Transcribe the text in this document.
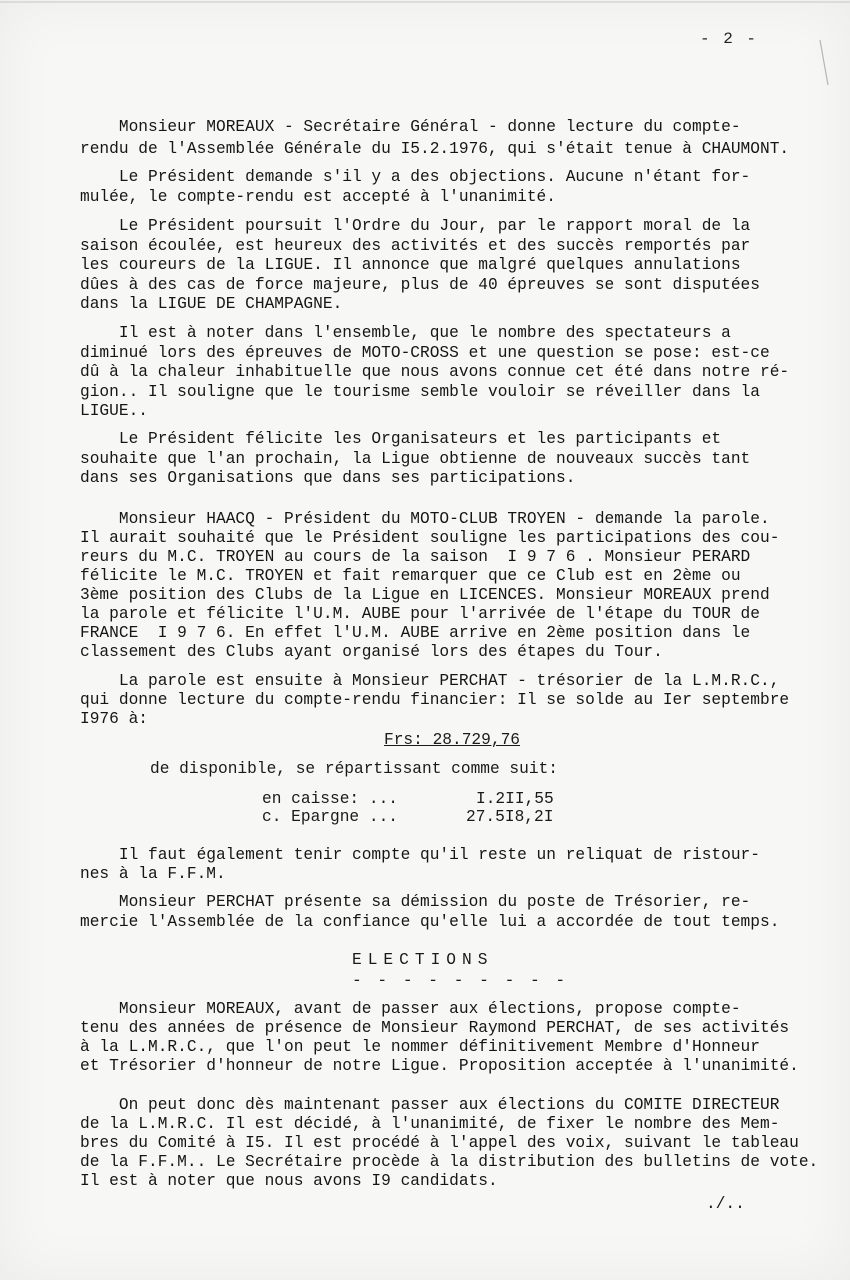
- 2 -
Monsieur MOREAUX - Secrétaire Général - donne lecture du compte-
rendu de l'Assemblée Générale du I5.2.1976, qui s'était tenue à CHAUMONT.
Le Président demande s'il y a des objections. Aucune n'étant for-
mulée, le compte-rendu est accepté à l'unanimité.
Le Président poursuit l'Ordre du Jour, par le rapport moral de la
saison écoulée, est heureux des activités et des succès remportés par
les coureurs de la LIGUE. Il annonce que malgré quelques annulations
dûes à des cas de force majeure, plus de 40 épreuves se sont disputées
dans la LIGUE DE CHAMPAGNE.
Il est à noter dans l'ensemble, que le nombre des spectateurs a
diminué lors des épreuves de MOTO-CROSS et une question se pose: est-ce
dû à la chaleur inhabituelle que nous avons connue cet été dans notre ré-
gion.. Il souligne que le tourisme semble vouloir se réveiller dans la
LIGUE..
Le Président félicite les Organisateurs et les participants et
souhaite que l'an prochain, la Ligue obtienne de nouveaux succès tant
dans ses Organisations que dans ses participations.
Monsieur HAACQ - Président du MOTO-CLUB TROYEN - demande la parole.
Il aurait souhaité que le Président souligne les participations des cou-
reurs du M.C. TROYEN au cours de la saison  I 9 7 6 . Monsieur PERARD
félicite le M.C. TROYEN et fait remarquer que ce Club est en 2ème ou
3ème position des Clubs de la Ligue en LICENCES. Monsieur MOREAUX prend
la parole et félicite l'U.M. AUBE pour l'arrivée de l'étape du TOUR de
FRANCE  I 9 7 6. En effet l'U.M. AUBE arrive en 2ème position dans le
classement des Clubs ayant organisé lors des étapes du Tour.
La parole est ensuite à Monsieur PERCHAT - trésorier de la L.M.R.C.,
qui donne lecture du compte-rendu financier: Il se solde au Ier septembre
I976 à:
Frs: 28.729,76
de disponible, se répartissant comme suit:
en caisse: ...	I.2II,55
c. Epargne ...	27.5I8,2I
Il faut également tenir compte qu'il reste un reliquat de ristour-
nes à la F.F.M.
Monsieur PERCHAT présente sa démission du poste de Trésorier, re-
mercie l'Assemblée de la confiance qu'elle lui a accordée de tout temps.
ELECTIONS
- - - - - - - - -
Monsieur MOREAUX, avant de passer aux élections, propose compte-
tenu des années de présence de Monsieur Raymond PERCHAT, de ses activités
à la L.M.R.C., que l'on peut le nommer définitivement Membre d'Honneur
et Trésorier d'honneur de notre Ligue. Proposition acceptée à l'unanimité.
On peut donc dès maintenant passer aux élections du COMITE DIRECTEUR
de la L.M.R.C. Il est décidé, à l'unanimité, de fixer le nombre des Mem-
bres du Comité à I5. Il est procédé à l'appel des voix, suivant le tableau
de la F.F.M.. Le Secrétaire procède à la distribution des bulletins de vote.
Il est à noter que nous avons I9 candidats.
./..
